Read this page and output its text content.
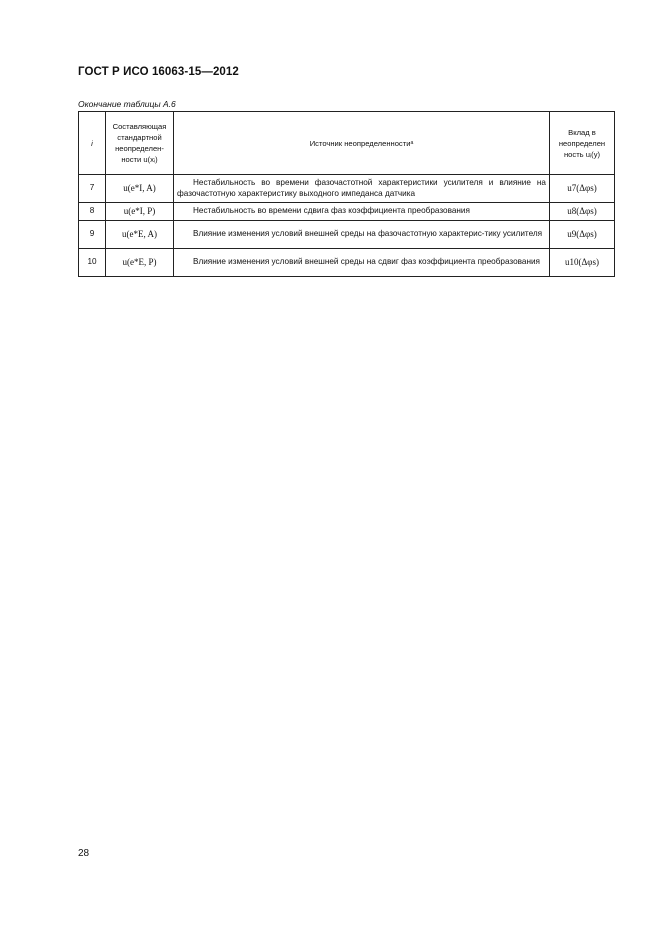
ГОСТ Р ИСО 16063-15—2012
Окончание таблицы А.6
i	Составляющая стандартной неопределен-ности u(xᵢ)	Источник неопределенностиᵃ	Вклад в неопределен ность uᵢ(y)
7	u(e*I, A)	Нестабильность во времени фазочастотной характеристики усилителя и влияние на фазочастотную характеристику выходного импеданса датчика	u7(Δφs)
8	u(e*I, P)	Нестабильность во времени сдвига фаз коэффициента преобразования	u8(Δφs)
9	u(e*E, A)	Влияние изменения условий внешней среды на фазочастотную характерис-тику усилителя	u9(Δφs)
10	u(e*E, P)	Влияние изменения условий внешней среды на сдвиг фаз коэффициента преобразования	u10(Δφs)
28
